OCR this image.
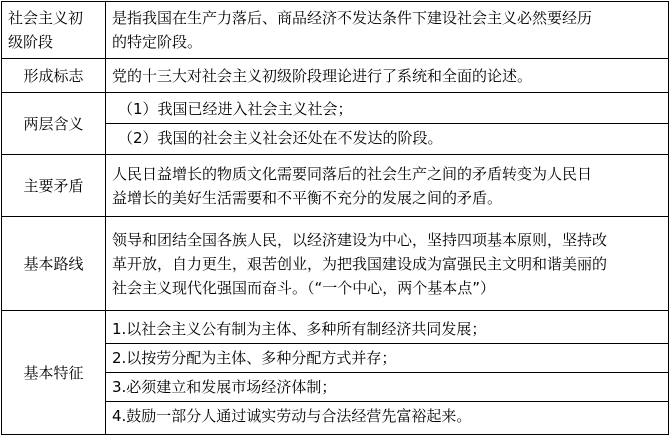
社会主义初
级阶段	是指我国在生产力落后、商品经济不发达条件下建设社会主义必然要经历
的特定阶段。

形成标志	党的十三大对社会主义初级阶段理论进行了系统和全面的论述。

两层含义	（1）我国已经进入社会主义社会；
（2）我国的社会主义社会还处在不发达的阶段。

主要矛盾	人民日益增长的物质文化需要同落后的社会生产之间的矛盾转变为人民日
益增长的美好生活需要和不平衡不充分的发展之间的矛盾。

基本路线	领导和团结全国各族人民，以经济建设为中心，坚持四项基本原则，坚持改
革开放，自力更生，艰苦创业，为把我国建设成为富强民主文明和谐美丽的
社会主义现代化强国而奋斗。（“一个中心，两个基本点”）

基本特征	1.以社会主义公有制为主体、多种所有制经济共同发展；
2.以按劳分配为主体、多种分配方式并存；
3.必须建立和发展市场经济体制；
4.鼓励一部分人通过诚实劳动与合法经营先富裕起来。
